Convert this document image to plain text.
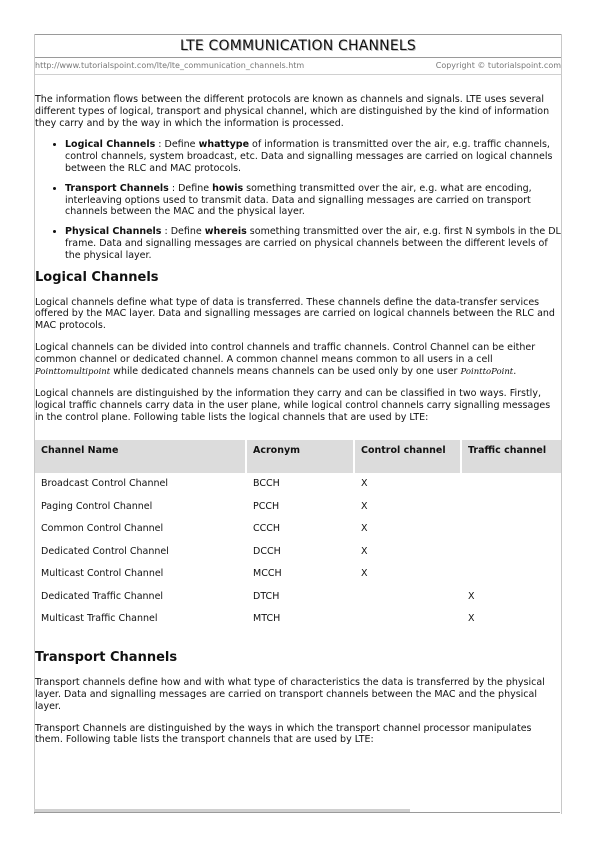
LTE COMMUNICATION CHANNELS
http://www.tutorialspoint.com/lte/lte_communication_channels.htm	Copyright © tutorialspoint.com

The information flows between the different protocols are known as channels and signals. LTE uses several different types of logical, transport and physical channel, which are distinguished by the kind of information they carry and by the way in which the information is processed.

• Logical Channels : Define whattype of information is transmitted over the air, e.g. traffic channels, control channels, system broadcast, etc. Data and signalling messages are carried on logical channels between the RLC and MAC protocols.
• Transport Channels : Define howis something transmitted over the air, e.g. what are encoding, interleaving options used to transmit data. Data and signalling messages are carried on transport channels between the MAC and the physical layer.
• Physical Channels : Define whereis something transmitted over the air, e.g. first N symbols in the DL frame. Data and signalling messages are carried on physical channels between the different levels of the physical layer.
Logical Channels

Logical channels define what type of data is transferred. These channels define the data-transfer services offered by the MAC layer. Data and signalling messages are carried on logical channels between the RLC and MAC protocols.

Logical channels can be divided into control channels and traffic channels. Control Channel can be either common channel or dedicated channel. A common channel means common to all users in a cell Pointtomultipoint while dedicated channels means channels can be used only by one user PointtoPoint.

Logical channels are distinguished by the information they carry and can be classified in two ways. Firstly, logical traffic channels carry data in the user plane, while logical control channels carry signalling messages in the control plane. Following table lists the logical channels that are used by LTE:

Channel Name	Acronym	Control channel	Traffic channel
Broadcast Control Channel	BCCH	X	
Paging Control Channel	PCCH	X	
Common Control Channel	CCCH	X	
Dedicated Control Channel	DCCH	X	
Multicast Control Channel	MCCH	X	
Dedicated Traffic Channel	DTCH		X
Multicast Traffic Channel	MTCH		X
Transport Channels

Transport channels define how and with what type of characteristics the data is transferred by the physical layer. Data and signalling messages are carried on transport channels between the MAC and the physical layer.

Transport Channels are distinguished by the ways in which the transport channel processor manipulates them. Following table lists the transport channels that are used by LTE:
